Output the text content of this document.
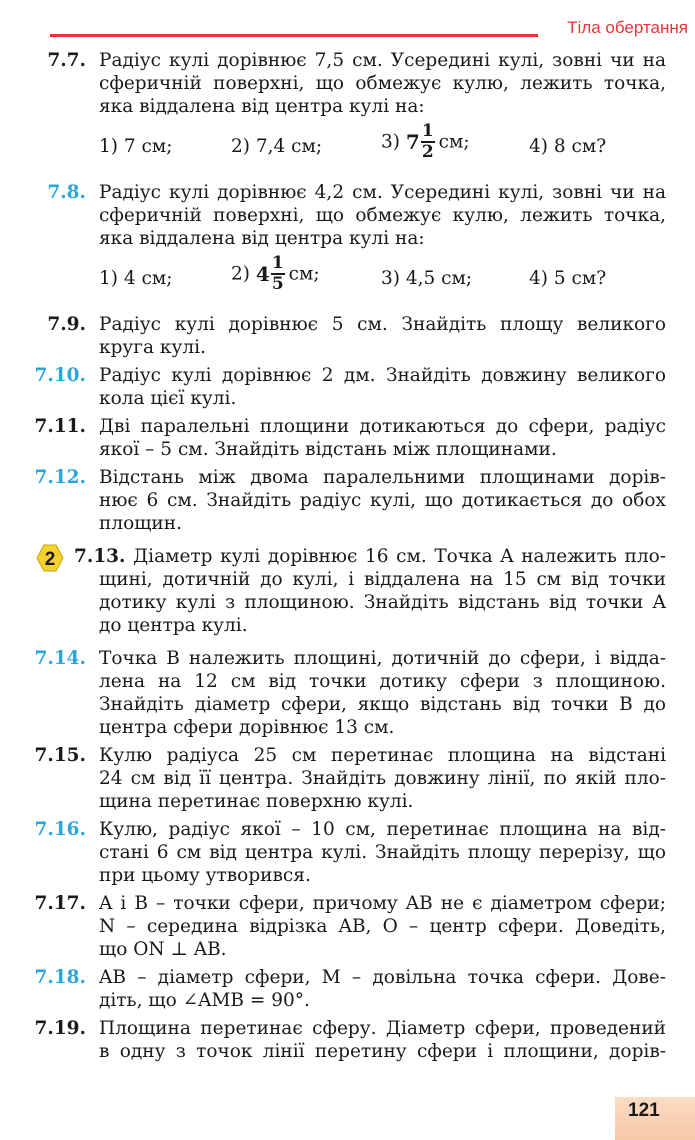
Тіла обертання
7.7. Радіус кулі дорівнює 7,5 см. Усередині кулі, зовні чи на
сферичній поверхні, що обмежує кулю, лежить точка,
яка віддалена від центра кулі на:
1) 7 см;	2) 7,4 см;	3) $7 \frac{1}{2}$ см;	4) 8 см?
7.8. Радіус кулі дорівнює 4,2 см. Усередині кулі, зовні чи на
сферичній поверхні, що обмежує кулю, лежить точка,
яка віддалена від центра кулі на:
1) 4 см;	2) $4 \frac{1}{5}$ см;	3) 4,5 см;	4) 5 см?
7.9. Радіус кулі дорівнює 5 см. Знайдіть площу великого
круга кулі.
7.10. Радіус кулі дорівнює 2 дм. Знайдіть довжину великого
кола цієї кулі.
7.11. Дві паралельні площини дотикаються до сфери, радіус
якої – 5 см. Знайдіть відстань між площинами.
7.12. Відстань між двома паралельними площинами дорів-
нює 6 см. Знайдіть радіус кулі, що дотикається до обох
площин.
2 7.13. Діаметр кулі дорівнює 16 см. Точка A належить пло-
щині, дотичній до кулі, і віддалена на 15 см від точки
дотику кулі з площиною. Знайдіть відстань від точки A
до центра кулі.
7.14. Точка B належить площині, дотичній до сфери, і відда-
лена на 12 см від точки дотику сфери з площиною.
Знайдіть діаметр сфери, якщо відстань від точки B до
центра сфери дорівнює 13 см.
7.15. Кулю радіуса 25 см перетинає площина на відстані
24 см від її центра. Знайдіть довжину лінії, по якій пло-
щина перетинає поверхню кулі.
7.16. Кулю, радіус якої – 10 см, перетинає площина на від-
стані 6 см від центра кулі. Знайдіть площу перерізу, що
при цьому утворився.
7.17. A і B – точки сфери, причому AB не є діаметром сфери;
N – середина відрізка AB, O – центр сфери. Доведіть,
що ON ⊥ AB.
7.18. AB – діаметр сфери, M – довільна точка сфери. Дове-
діть, що ∠AMB = 90°.
7.19. Площина перетинає сферу. Діаметр сфери, проведений
в одну з точок лінії перетину сфери і площини, дорів-
121
